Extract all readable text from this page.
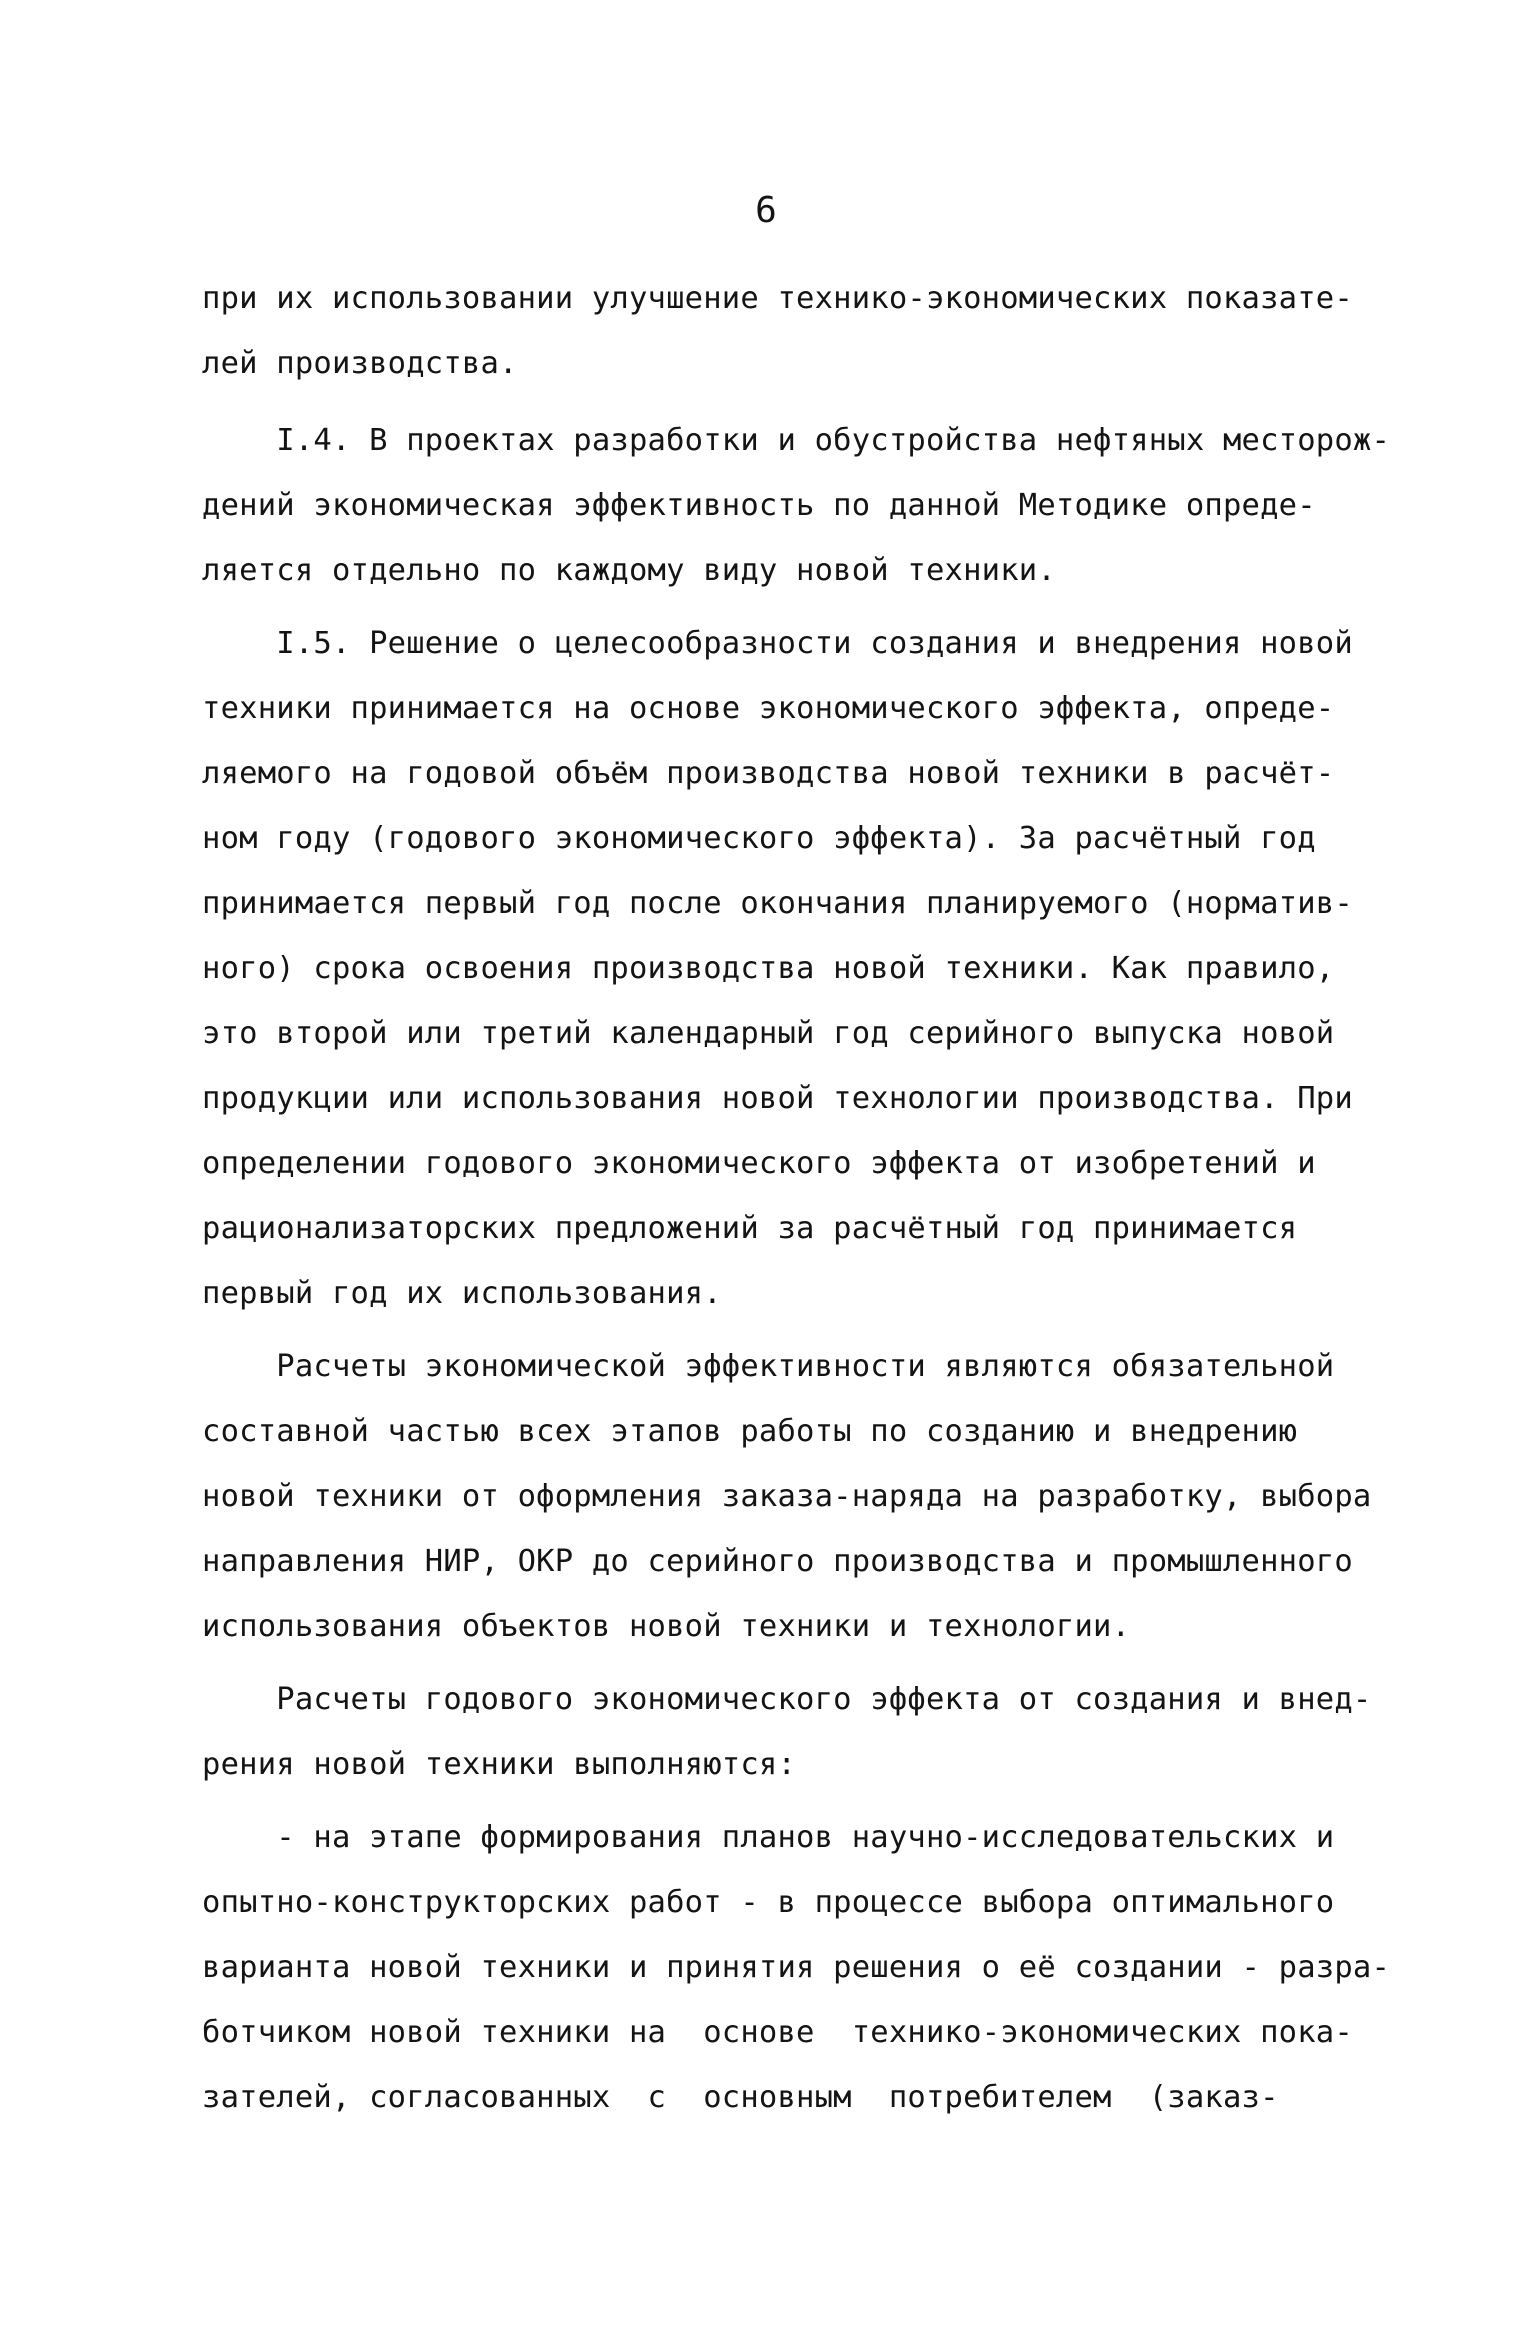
6
при их использовании улучшение технико-экономических показате-
лей производства.
I.4. В проектах разработки и обустройства нефтяных месторож-
дений экономическая эффективность по данной Методике опреде-
ляется отдельно по каждому виду новой техники.
I.5. Решение о целесообразности создания и внедрения новой
техники принимается на основе экономического эффекта, опреде-
ляемого на годовой объём производства новой техники в расчёт-
ном году (годового экономического эффекта). За расчётный год
принимается первый год после окончания планируемого (норматив-
ного) срока освоения производства новой техники. Как правило,
это второй или третий календарный год серийного выпуска новой
продукции или использования новой технологии производства. При
определении годового экономического эффекта от изобретений и
рационализаторских предложений за расчётный год принимается
первый год их использования.
Расчеты экономической эффективности являются обязательной
составной частью всех этапов работы по созданию и внедрению
новой техники от оформления заказа-наряда на разработку, выбора
направления НИР, ОКР до серийного производства и промышленного
использования объектов новой техники и технологии.
Расчеты годового экономического эффекта от создания и внед-
рения новой техники выполняются:
- на этапе формирования планов научно-исследовательских и
опытно-конструкторских работ - в процессе выбора оптимального
варианта новой техники и принятия решения о её создании - разра-
ботчиком новой техники на  основе  технико-экономических пока-
зателей, согласованных  с  основным  потребителем  (заказ-
